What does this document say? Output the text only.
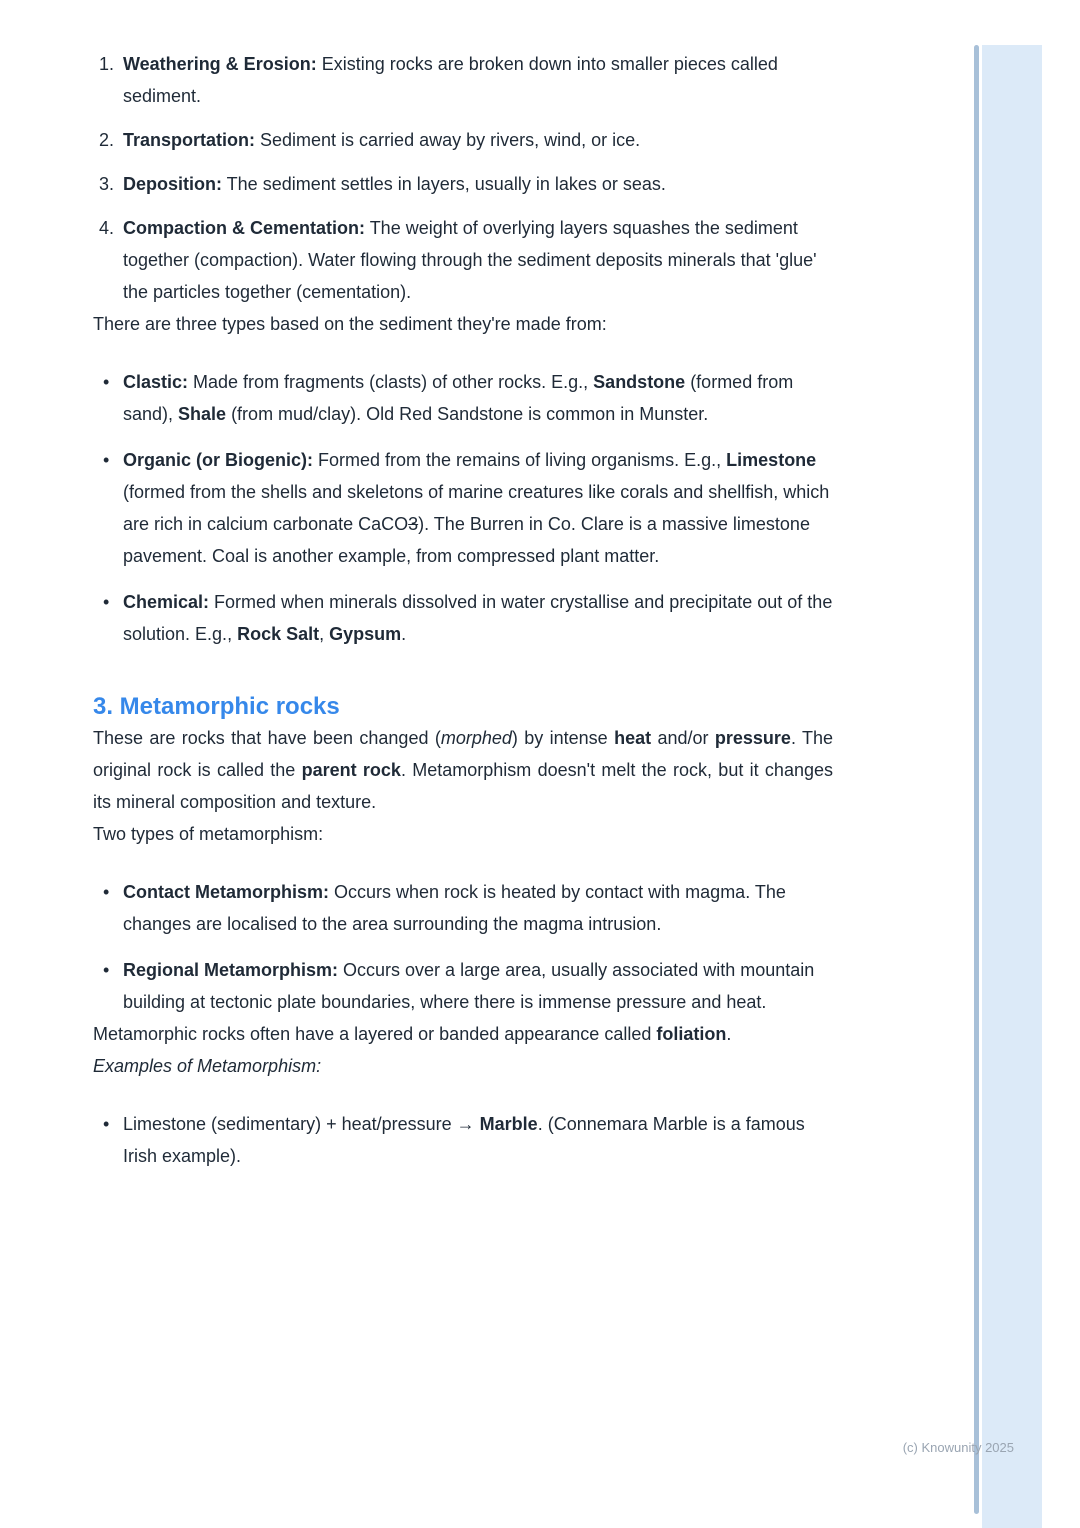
1. Weathering & Erosion: Existing rocks are broken down into smaller pieces called sediment.
2. Transportation: Sediment is carried away by rivers, wind, or ice.
3. Deposition: The sediment settles in layers, usually in lakes or seas.
4. Compaction & Cementation: The weight of overlying layers squashes the sediment together (compaction). Water flowing through the sediment deposits minerals that 'glue' the particles together (cementation).

There are three types based on the sediment they're made from:

• Clastic: Made from fragments (clasts) of other rocks. E.g., Sandstone (formed from sand), Shale (from mud/clay). Old Red Sandstone is common in Munster.
• Organic (or Biogenic): Formed from the remains of living organisms. E.g., Limestone (formed from the shells and skeletons of marine creatures like corals and shellfish, which are rich in calcium carbonate CaCO3). The Burren in Co. Clare is a massive limestone pavement. Coal is another example, from compressed plant matter.
• Chemical: Formed when minerals dissolved in water crystallise and precipitate out of the solution. E.g., Rock Salt, Gypsum.
3. Metamorphic rocks

These are rocks that have been changed (morphed) by intense heat and/or pressure. The original rock is called the parent rock. Metamorphism doesn't melt the rock, but it changes its mineral composition and texture.

Two types of metamorphism:

• Contact Metamorphism: Occurs when rock is heated by contact with magma. The changes are localised to the area surrounding the magma intrusion.
• Regional Metamorphism: Occurs over a large area, usually associated with mountain building at tectonic plate boundaries, where there is immense pressure and heat.

Metamorphic rocks often have a layered or banded appearance called foliation.

Examples of Metamorphism:

• Limestone (sedimentary) + heat/pressure → Marble. (Connemara Marble is a famous Irish example).
(c) Knowunity 2025
